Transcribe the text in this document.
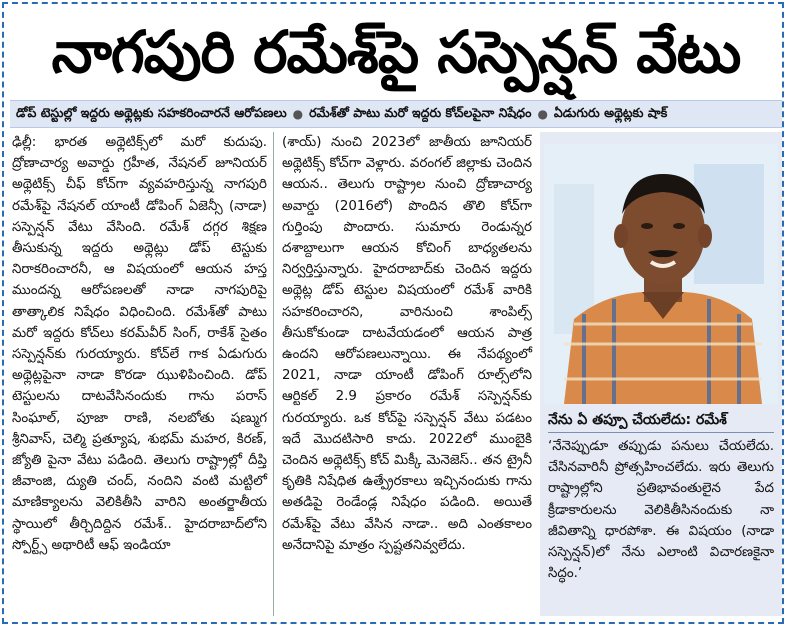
నాగపురి రమేశ్‌పై సస్పెన్షన్‌ వేటు
డోప్‌ టెస్టుల్లో ఇద్దరు అథ్లెట్లకు సహకరించారనే ఆరోపణలు ● రమేశ్‌తో పాటు మరో ఇద్దరు కోచ్‌లపైనా నిషేధం ● ఏడుగురు అథ్లెట్లకు షాక్‌

ఢిల్లీ: భారత అథ్లెటిక్స్‌లో మరో కుదుపు. ద్రోణాచార్య అవార్డు గ్రహీత, నేషనల్‌ జూనియర్‌ అథ్లెటిక్స్‌ చీఫ్‌ కోచ్‌గా వ్యవహరిస్తున్న నాగపురి రమేశ్‌పై నేషనల్‌ యాంటీ డోపింగ్‌ ఏజెన్సీ (నాడా) సస్పెన్షన్‌ వేటు వేసింది. రమేశ్‌ దగ్గర శిక్షణ తీసుకున్న ఇద్దరు అథ్లెట్లు డోప్‌ టెస్టుకు నిరాకరించారనీ, ఆ విషయంలో ఆయన హస్త ముందన్న ఆరోపణలతో నాడా నాగపురిపై తాత్కాలిక నిషేధం విధించింది. రమేశ్‌తో పాటు మరో ఇద్దరు కోచ్‌లు కరమ్‌వీర్‌ సింగ్‌, రాకేశ్‌ సైతం సస్పెన్షన్‌కు గురయ్యారు. కోచ్‌లే గాక ఏడుగురు అథ్లెట్లపైనా నాడా కొరడా ఝుళిపించింది. డోప్‌ టెస్టులను దాటవేసినందుకు గాను పరాస్‌ సింఘాల్‌, పూజా రాణి, నలబోతు షణ్ముగ శ్రీనివాస్‌, చెల్మి ప్రత్యూష, శుభమ్‌ మహర, కిరణ్‌, జ్యోతి పైనా వేటు పడింది. తెలుగు రాష్ట్రాల్లో దీప్తి జీవాంజి, ద్యుతి చంద్‌, నందిని వంటి మట్టిలో మాణిక్యాలను వెలికితీసి వారిని అంతర్జాతీయ స్థాయిలో తీర్చిదిద్దిన రమేశ్‌.. హైదరాబాద్‌లోని స్పోర్ట్స్‌ అథారిటీ ఆఫ్‌ ఇండియా

(శాయ్‌) నుంచి 2023లో జాతీయ జూనియర్‌ అథ్లెటిక్స్‌ కోచ్‌గా వెళ్లారు. వరంగల్‌ జిల్లాకు చెందిన ఆయన.. తెలుగు రాష్ట్రాల నుంచి ద్రోణాచార్య అవార్డు (2016లో) పొందిన తొలి కోచ్‌గా గుర్తింపు పొందారు. సుమారు రెండున్నర దశాబ్దాలుగా ఆయన కోచింగ్‌ బాధ్యతలను నిర్వర్తిస్తున్నారు. హైదరాబాద్‌కు చెందిన ఇద్దరు అథ్లెట్ల డోప్‌ టెస్టుల విషయంలో రమేశ్‌ వారికి సహకరించారని, వారినుంచి శాంపిల్స్‌ తీసుకోకుండా దాటవేయడంలో ఆయన పాత్ర ఉందని ఆరోపణలున్నాయి. ఈ నేపథ్యంలో 2021, నాడా యాంటీ డోపింగ్‌ రూల్స్‌లోని ఆర్టికల్‌ 2.9 ప్రకారం రమేశ్‌ సస్పెన్షన్‌కు గురయ్యారు. ఒక కోచ్‌పై సస్పెన్షన్‌ వేటు పడటం ఇదే మొదటిసారి కాదు. 2022లో ముంబైకి చెందిన అథ్లెటిక్స్‌ కోచ్‌ మిక్కీ మెనెజెస్‌.. తన ట్రైనీ కృతికి నిషేధిత ఉత్ప్రేరకాలు ఇచ్చినందుకు గాను అతడిపై రెండేండ్ల నిషేధం పడింది. అయితే రమేశ్‌పై వేటు వేసిన నాడా.. అది ఎంతకాలం అనేదానిపై మాత్రం స్పష్టతనివ్వలేదు.

నేను ఏ తప్పూ చేయలేదు: రమేశ్‌
‘నేనెప్పుడూ తప్పుడు పనులు చేయలేదు. చేసినవారినీ ప్రోత్సహించలేదు. ఇరు తెలుగు రాష్ట్రాల్లోని ప్రతిభావంతులైన పేద క్రీడాకారులను వెలికితీసినందుకు నా జీవితాన్ని ధారపోశా. ఈ విషయం (నాడా సస్పెన్షన్‌)లో నేను ఎలాంటి విచారణకైనా సిద్ధం.’
